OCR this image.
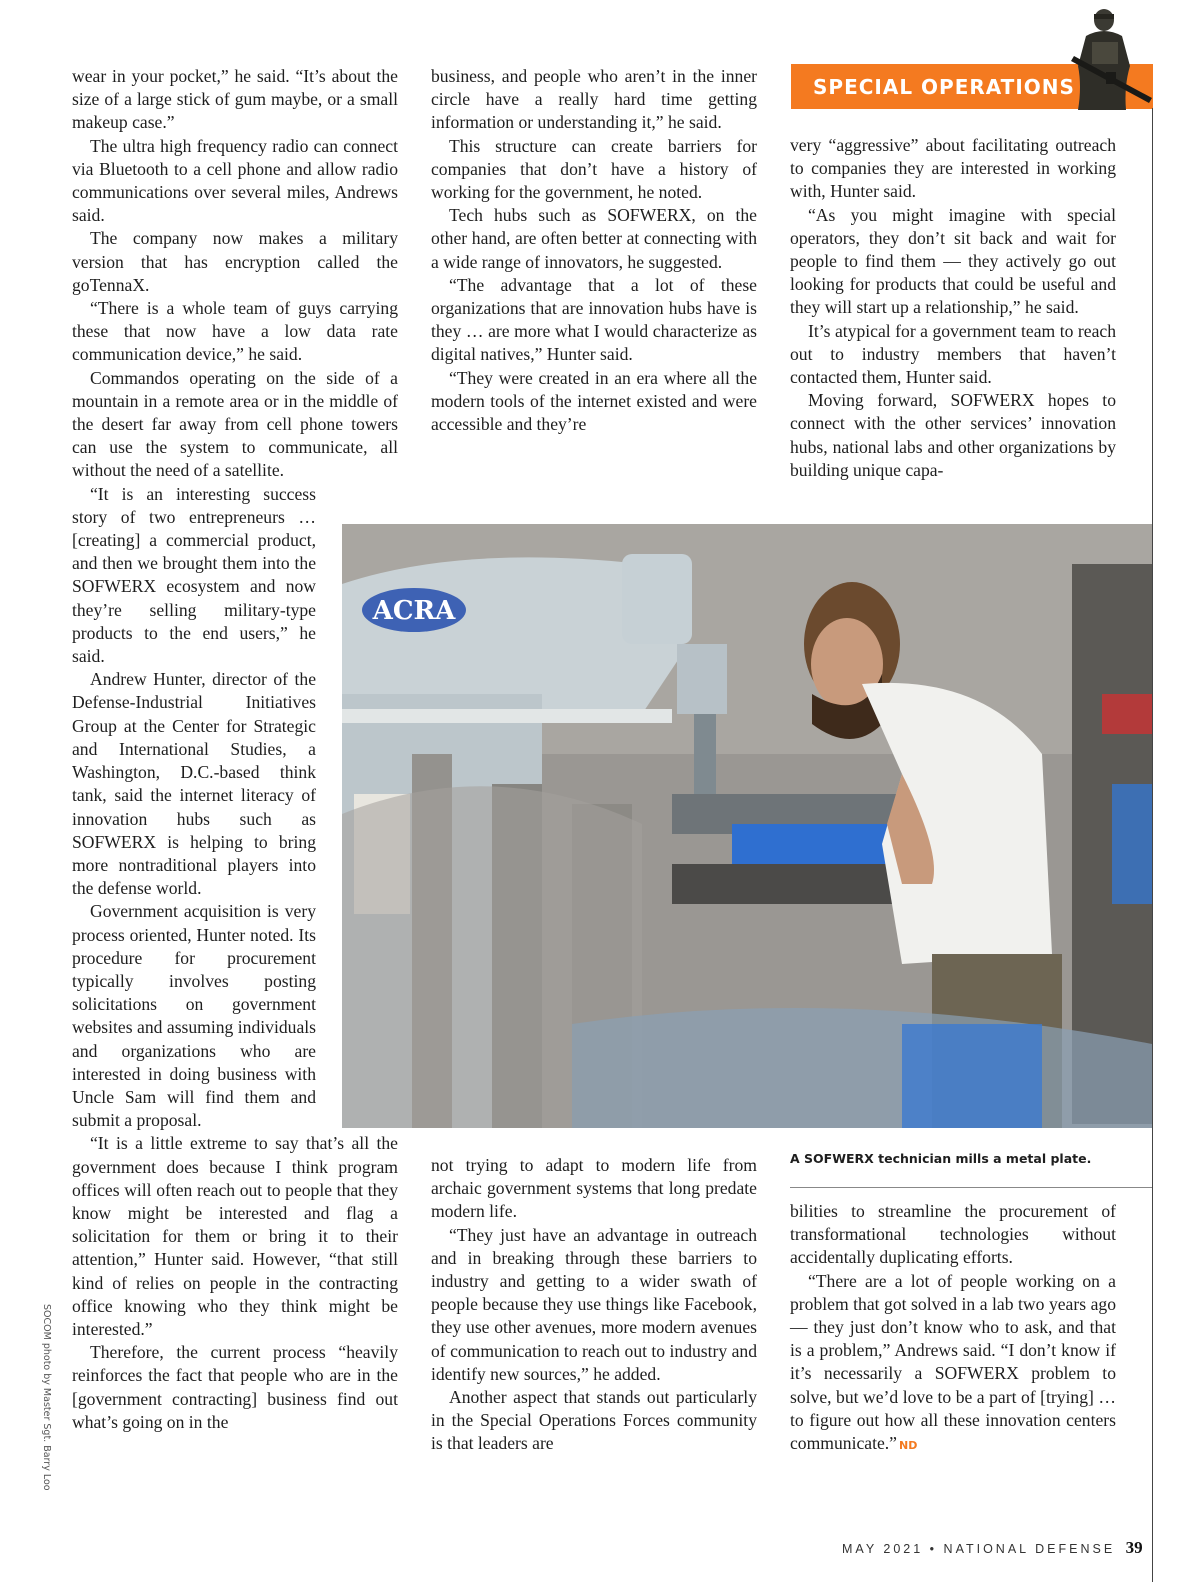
SPECIAL OPERATIONS

wear in your pocket,” he said. “It’s about the size of a large stick of gum maybe, or a small makeup case.”

The ultra high frequency radio can connect via Bluetooth to a cell phone and allow radio communications over several miles, Andrews said.

The company now makes a military version that has encryption called the goTennaX.

“There is a whole team of guys carrying these that now have a low data rate communication device,” he said.

Commandos operating on the side of a mountain in a remote area or in the middle of the desert far away from cell phone towers can use the system to communicate, all without the need of a satellite.

“It is an interesting success story of two entrepreneurs … [creating] a commercial product, and then we brought them into the SOFWERX ecosystem and now they’re selling military-type products to the end users,” he said.

Andrew Hunter, director of the Defense-Industrial Initiatives Group at the Center for Strategic and International Studies, a Washington, D.C.-based think tank, said the internet literacy of innovation hubs such as SOFWERX is helping to bring more nontraditional players into the defense world.

Government acquisition is very process oriented, Hunter noted. Its procedure for procurement typically involves posting solicitations on government websites and assuming individuals and organizations who are interested in doing business with Uncle Sam will find them and submit a proposal.

“It is a little extreme to say that’s all the government does because I think program offices will often reach out to people that they know might be interested and flag a solicitation for them or bring it to their attention,” Hunter said. However, “that still kind of relies on people in the contracting office knowing who they think might be interested.”

Therefore, the current process “heavily reinforces the fact that people who are in the [government contracting] business find out what’s going on in the

business, and people who aren’t in the inner circle have a really hard time getting information or understanding it,” he said.

This structure can create barriers for companies that don’t have a history of working for the government, he noted.

Tech hubs such as SOFWERX, on the other hand, are often better at connecting with a wide range of innovators, he suggested.

“The advantage that a lot of these organizations that are innovation hubs have is they … are more what I would characterize as digital natives,” Hunter said.

“They were created in an era where all the modern tools of the internet existed and were accessible and they’re

very “aggressive” about facilitating outreach to companies they are interested in working with, Hunter said.

“As you might imagine with special operators, they don’t sit back and wait for people to find them — they actively go out looking for products that could be useful and they will start up a relationship,” he said.

It’s atypical for a government team to reach out to industry members that haven’t contacted them, Hunter said.

Moving forward, SOFWERX hopes to connect with the other services’ innovation hubs, national labs and other organizations by building unique capa-

ACRA
A SOFWERX technician mills a metal plate.

not trying to adapt to modern life from archaic government systems that long predate modern life.

“They just have an advantage in outreach and in breaking through these barriers to industry and getting to a wider swath of people because they use things like Facebook, they use other avenues, more modern avenues of communication to reach out to industry and identify new sources,” he added.

Another aspect that stands out particularly in the Special Operations Forces community is that leaders are

bilities to streamline the procurement of transformational technologies without accidentally duplicating efforts.

“There are a lot of people working on a problem that got solved in a lab two years ago — they just don’t know who to ask, and that is a problem,” Andrews said. “I don’t know if it’s necessarily a SOFWERX problem to solve, but we’d love to be a part of [trying] … to figure out how all these innovation centers communicate.” ND

SOCOM photo by Master Sgt. Barry Loo
MAY 2021 • NATIONAL DEFENSE 39
